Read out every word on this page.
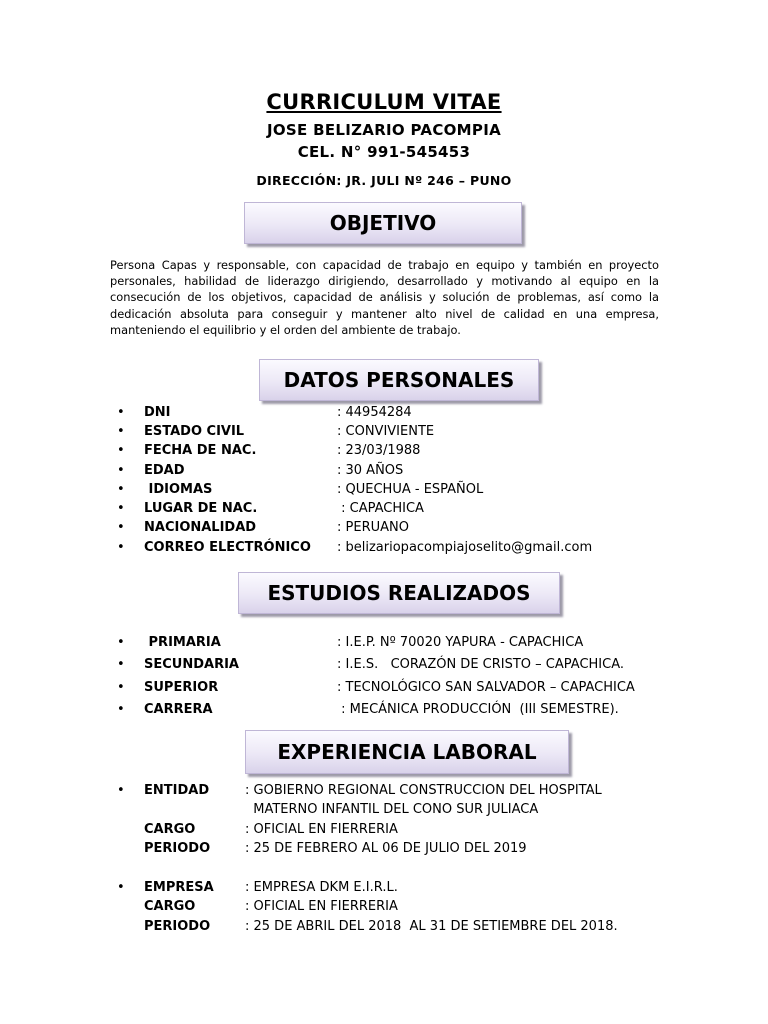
CURRICULUM VITAE
JOSE BELIZARIO PACOMPIA
CEL. N° 991-545453
DIRECCIÓN: JR. JULI Nº 246 – PUNO
OBJETIVO
Persona Capas y responsable, con capacidad de trabajo en equipo y también en proyecto personales, habilidad de liderazgo dirigiendo, desarrollado y motivando al equipo en la consecución de los objetivos, capacidad de análisis y solución de problemas, así como la dedicación absoluta para conseguir y mantener alto nivel de calidad en una empresa, manteniendo el equilibrio y el orden del ambiente de trabajo.
DATOS PERSONALES
• DNI	: 44954284
• ESTADO CIVIL	: CONVIVIENTE
• FECHA DE NAC.	: 23/03/1988
• EDAD	: 30 AÑOS
• IDIOMAS	: QUECHUA - ESPAÑOL
• LUGAR DE NAC.	: CAPACHICA
• NACIONALIDAD	: PERUANO
• CORREO ELECTRÓNICO : belizariopacompiajoselito@gmail.com
ESTUDIOS REALIZADOS
• PRIMARIA	: I.E.P. Nº 70020 YAPURA - CAPACHICA
• SECUNDARIA	: I.E.S.   CORAZÓN DE CRISTO – CAPACHICA.
• SUPERIOR	: TECNOLÓGICO SAN SALVADOR – CAPACHICA
• CARRERA	: MECÁNICA PRODUCCIÓN  (III SEMESTRE).
EXPERIENCIA LABORAL
• ENTIDAD	: GOBIERNO REGIONAL CONSTRUCCION DEL HOSPITAL
MATERNO INFANTIL DEL CONO SUR JULIACA
CARGO	: OFICIAL EN FIERRERIA
PERIODO	: 25 DE FEBRERO AL 06 DE JULIO DEL 2019
• EMPRESA : EMPRESA DKM E.I.R.L.
CARGO	: OFICIAL EN FIERRERIA
PERIODO	: 25 DE ABRIL DEL 2018  AL 31 DE SETIEMBRE DEL 2018.
